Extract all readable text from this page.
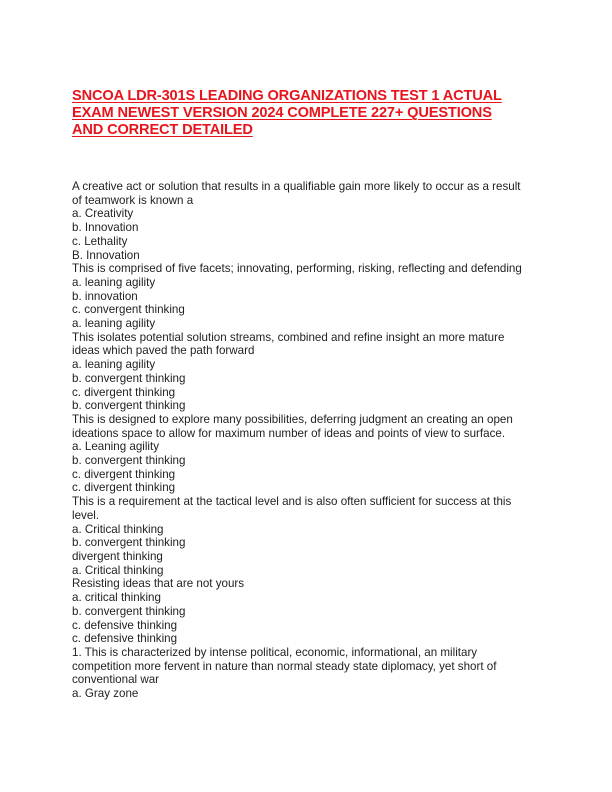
SNCOA LDR-301S LEADING ORGANIZATIONS TEST 1 ACTUAL
EXAM NEWEST VERSION 2024 COMPLETE 227+ QUESTIONS
AND CORRECT DETAILED
A creative act or solution that results in a qualifiable gain more likely to occur as a result
of teamwork is known a
a. Creativity
b. Innovation
c. Lethality
B. Innovation
This is comprised of five facets; innovating, performing, risking, reflecting and defending
a. leaning agility
b. innovation
c. convergent thinking
a. leaning agility
This isolates potential solution streams, combined and refine insight an more mature
ideas which paved the path forward
a. leaning agility
b. convergent thinking
c. divergent thinking
b. convergent thinking
This is designed to explore many possibilities, deferring judgment an creating an open
ideations space to allow for maximum number of ideas and points of view to surface.
a. Leaning agility
b. convergent thinking
c. divergent thinking
c. divergent thinking
This is a requirement at the tactical level and is also often sufficient for success at this
level.
a. Critical thinking
b. convergent thinking
divergent thinking
a. Critical thinking
Resisting ideas that are not yours
a. critical thinking
b. convergent thinking
c. defensive thinking
c. defensive thinking
1. This is characterized by intense political, economic, informational, an military
competition more fervent in nature than normal steady state diplomacy, yet short of
conventional war
a. Gray zone
